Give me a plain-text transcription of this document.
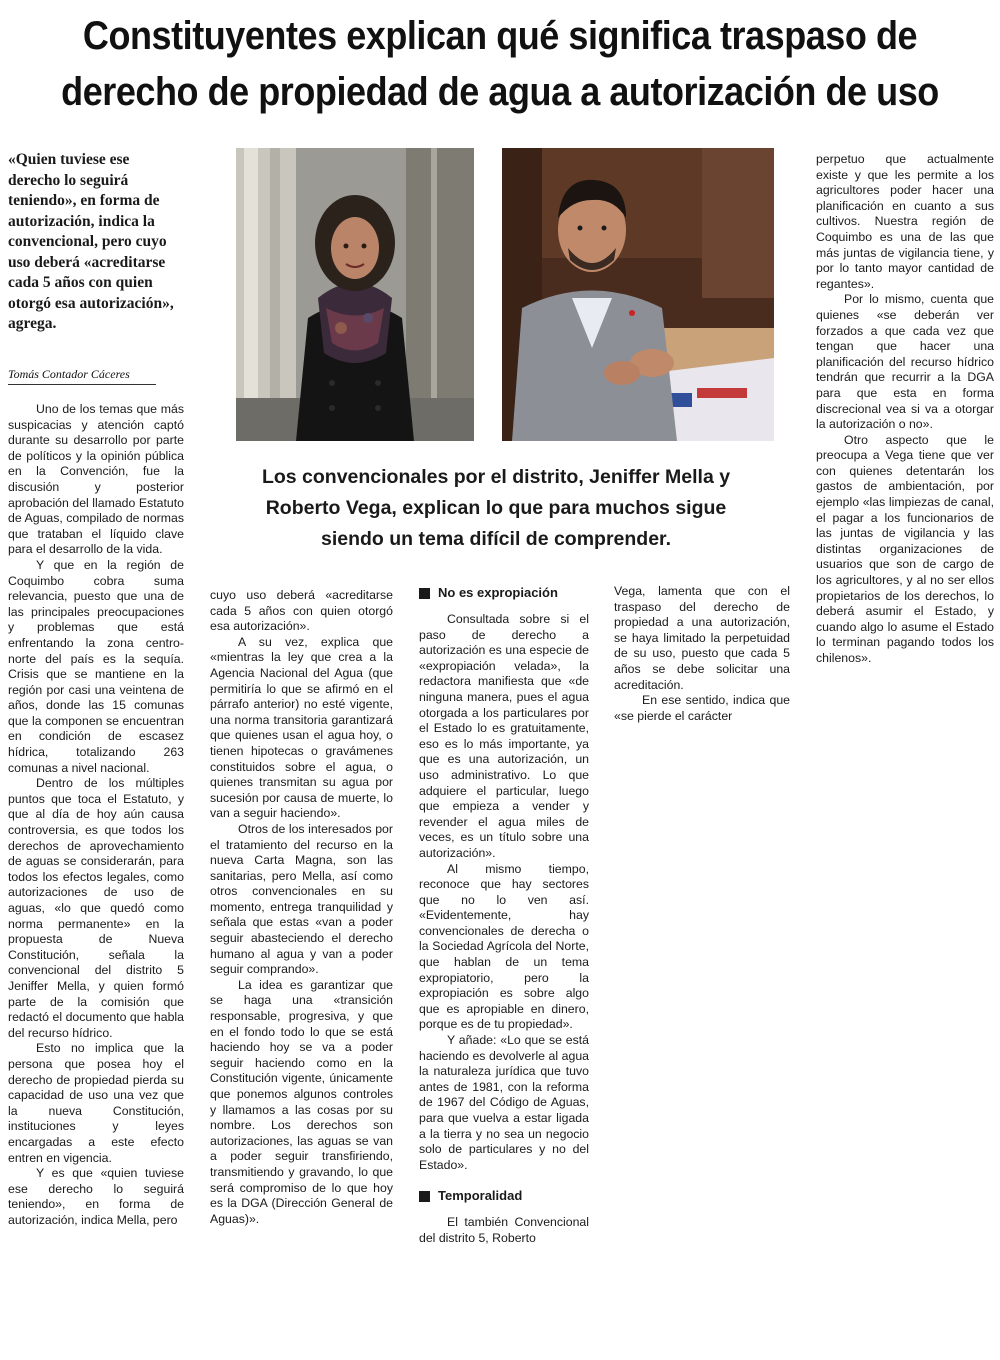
Constituyentes explican qué significa traspaso de
derecho de propiedad de agua a autorización de uso
«Quien tuviese ese derecho lo seguirá teniendo», en forma de autorización, indica la convencional, pero cuyo uso deberá «acreditarse cada 5 años con quien otorgó esa autorización», agrega.
Tomás Contador Cáceres

Uno de los temas que más suspicacias y atención captó durante su desarrollo por parte de políticos y la opinión pública en la Convención, fue la discusión y posterior aprobación del llamado Estatuto de Aguas, compilado de normas que trataban el líquido clave para el desarrollo de la vida.

Y que en la región de Coquimbo cobra suma relevancia, puesto que una de las principales preocupaciones y problemas que está enfrentando la zona centro-norte del país es la sequía. Crisis que se mantiene en la región por casi una veintena de años, donde las 15 comunas que la componen se encuentran en condición de escasez hídrica, totalizando 263 comunas a nivel nacional.

Dentro de los múltiples puntos que toca el Estatuto, y que al día de hoy aún causa controversia, es que todos los derechos de aprovechamiento de aguas se considerarán, para todos los efectos legales, como autorizaciones de uso de aguas, «lo que quedó como norma permanente» en la propuesta de Nueva Constitución, señala la convencional del distrito 5 Jeniffer Mella, y quien formó parte de la comisión que redactó el documento que habla del recurso hídrico.

Esto no implica que la persona que posea hoy el derecho de propiedad pierda su capacidad de uso una vez que la nueva Constitución, instituciones y leyes encargadas a este efecto entren en vigencia.

Y es que «quien tuviese ese derecho lo seguirá teniendo», en forma de autorización, indica Mella, pero

Los convencionales por el distrito, Jeniffer Mella y Roberto Vega, explican lo que para muchos sigue siendo un tema difícil de comprender.

cuyo uso deberá «acreditarse cada 5 años con quien otorgó esa autorización».

A su vez, explica que «mientras la ley que crea a la Agencia Nacional del Agua (que permitiría lo que se afirmó en el párrafo anterior) no esté vigente, una norma transitoria garantizará que quienes usan el agua hoy, o tienen hipotecas o gravámenes constituidos sobre el agua, o quienes transmitan su agua por sucesión por causa de muerte, lo van a seguir haciendo».

Otros de los interesados por el tratamiento del recurso en la nueva Carta Magna, son las sanitarias, pero Mella, así como otros convencionales en su momento, entrega tranquilidad y señala que estas «van a poder seguir abasteciendo el derecho humano al agua y van a poder seguir comprando».

La idea es garantizar que se haga una «transición responsable, progresiva, y que en el fondo todo lo que se está haciendo hoy se va a poder seguir haciendo como en la Constitución vigente, únicamente que ponemos algunos controles y llamamos a las cosas por su nombre. Los derechos son autorizaciones, las aguas se van a poder seguir transfiriendo, transmitiendo y gravando, lo que será compromiso de lo que hoy es la DGA (Dirección General de Aguas)».

No es expropiación

Consultada sobre si el paso de derecho a autorización es una especie de «expropiación velada», la redactora manifiesta que «de ninguna manera, pues el agua otorgada a los particulares por el Estado lo es gratuitamente, eso es lo más importante, ya que es una autorización, un uso administrativo. Lo que adquiere el particular, luego que empieza a vender y revender el agua miles de veces, es un título sobre una autorización».

Al mismo tiempo, reconoce que hay sectores que no lo ven así. «Evidentemente, hay convencionales de derecha o la Sociedad Agrícola del Norte, que hablan de un tema expropiatorio, pero la expropiación es sobre algo que es apropiable en dinero, porque es de tu propiedad».

Y añade: «Lo que se está haciendo es devolverle al agua la naturaleza jurídica que tuvo antes de 1981, con la reforma de 1967 del Código de Aguas, para que vuelva a estar ligada a la tierra y no sea un negocio solo de particulares y no del Estado».

Temporalidad

El también Convencional del distrito 5, Roberto

Vega, lamenta que con el traspaso del derecho de propiedad a una autorización, se haya limitado la perpetuidad de su uso, puesto que cada 5 años se debe solicitar una acreditación.

En ese sentido, indica que «se pierde el carácter

perpetuo que actualmente existe y que les permite a los agricultores poder hacer una planificación en cuanto a sus cultivos. Nuestra región de Coquimbo es una de las que más juntas de vigilancia tiene, y por lo tanto mayor cantidad de regantes».

Por lo mismo, cuenta que quienes «se deberán ver forzados a que cada vez que tengan que hacer una planificación del recurso hídrico tendrán que recurrir a la DGA para que esta en forma discrecional vea si va a otorgar la autorización o no».

Otro aspecto que le preocupa a Vega tiene que ver con quienes detentarán los gastos de ambientación, por ejemplo «las limpiezas de canal, el pagar a los funcionarios de las juntas de vigilancia y las distintas organizaciones de usuarios que son de cargo de los agricultores, y al no ser ellos propietarios de los derechos, lo deberá asumir el Estado, y cuando algo lo asume el Estado lo terminan pagando todos los chilenos».
